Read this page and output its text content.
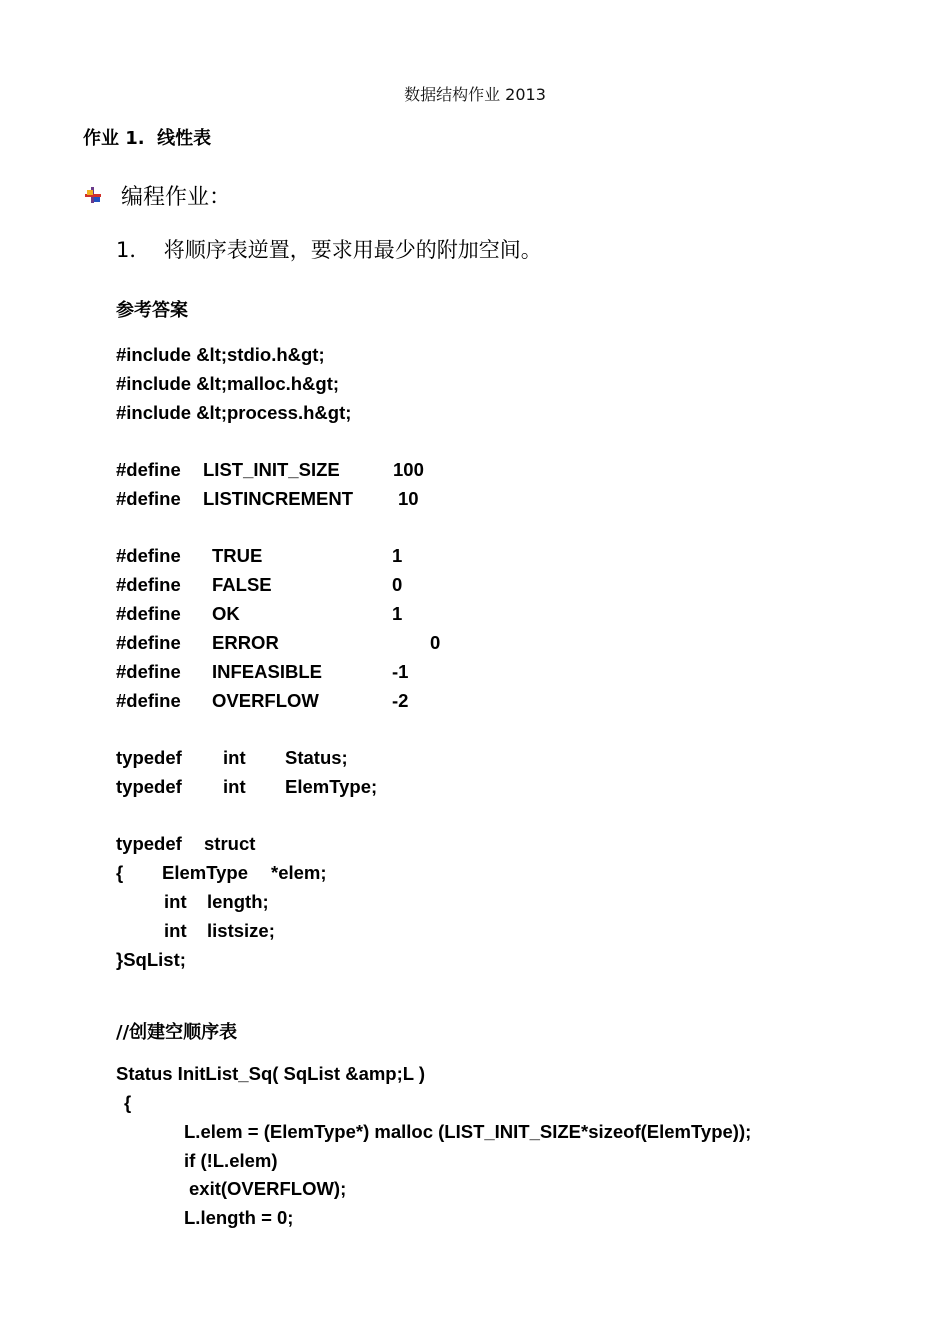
数据结构作业 2013
作业 1.  线性表
编程作业：
1．  将顺序表逆置，要求用最少的附加空间。
参考答案
#include &lt;stdio.h&gt;
#include &lt;malloc.h&gt;
#include &lt;process.h&gt;
#define LIST_INIT_SIZE	100
#define LISTINCREMENT 10
#define TRUE	1
#define FALSE	0
#define OK	1
#define ERROR	0
#define INFEASIBLE	-1
#define OVERFLOW	-2
typedef int Status;
typedef int ElemType;
typedef struct
{ ElemType *elem;
int length;
int listsize;
}SqList;
//创建空顺序表
Status InitList_Sq( SqList &amp;L )
{
L.elem = (ElemType*) malloc (LIST_INIT_SIZE*sizeof(ElemType));
if (!L.elem)
exit(OVERFLOW);
L.length = 0;
